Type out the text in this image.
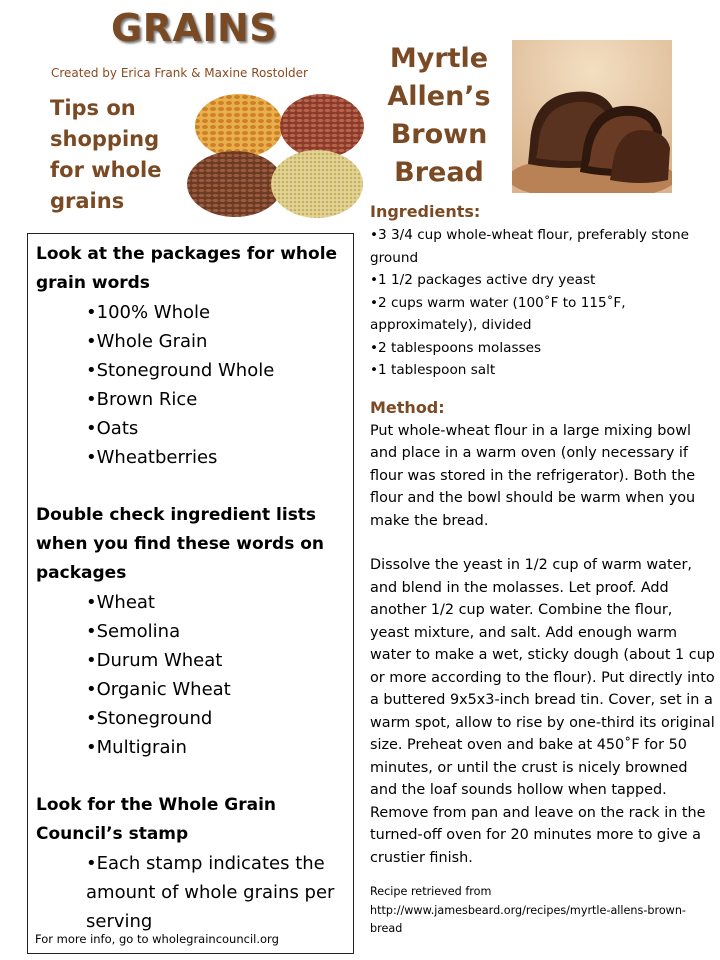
GRAINS
Created by Erica Frank & Maxine Rostolder
Tips on shopping for whole grains
Myrtle Allen’s Brown Bread

Look at the packages for whole grain words

•100% Whole
•Whole Grain
•Stoneground Whole
•Brown Rice
•Oats
•Wheatberries

Double check ingredient lists when you find these words on packages

•Wheat
•Semolina
•Durum Wheat
•Organic Wheat
•Stoneground
•Multigrain

Look for the Whole Grain Council’s stamp

•Each stamp indicates the amount of whole grains per serving
For more info, go to wholegraincouncil.org
Ingredients:
•3 3/4 cup whole-wheat flour, preferably stone ground
•1 1/2 packages active dry yeast
•2 cups warm water (100˚F to 115˚F, approximately), divided
•2 tablespoons molasses
•1 tablespoon salt
Method:

Put whole-wheat flour in a large mixing bowl and place in a warm oven (only necessary if flour was stored in the refrigerator). Both the flour and the bowl should be warm when you make the bread.

Dissolve the yeast in 1/2 cup of warm water, and blend in the molasses. Let proof. Add another 1/2 cup water. Combine the flour, yeast mixture, and salt. Add enough warm water to make a wet, sticky dough (about 1 cup or more according to the flour). Put directly into a buttered 9x5x3-inch bread tin. Cover, set in a warm spot, allow to rise by one-third its original size. Preheat oven and bake at 450˚F for 50 minutes, or until the crust is nicely browned and the loaf sounds hollow when tapped. Remove from pan and leave on the rack in the turned-off oven for 20 minutes more to give a crustier finish.

Recipe retrieved from http://www.jamesbeard.org/recipes/myrtle-allens-brown-bread
